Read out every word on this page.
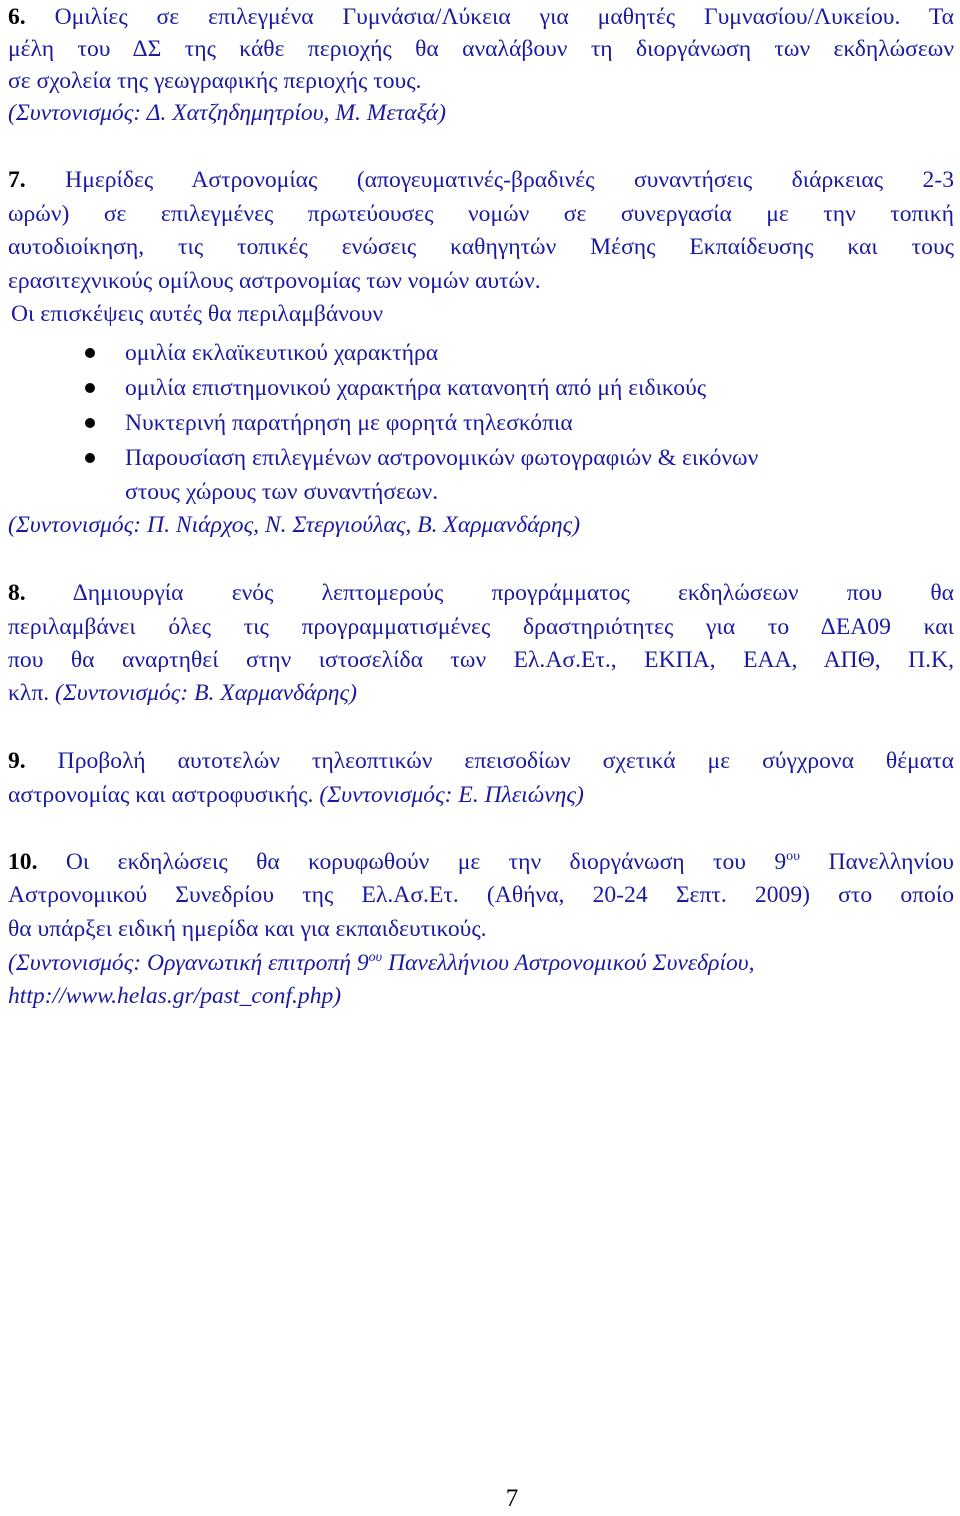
6. Ομιλίες σε επιλεγμένα Γυμνάσια/Λύκεια για μαθητές Γυμνασίου/Λυκείου. Τα
μέλη του ΔΣ της κάθε περιοχής θα αναλάβουν τη διοργάνωση των εκδηλώσεων
σε σχολεία της γεωγραφικής περιοχής τους.
(Συντονισμός: Δ. Χατζηδημητρίου, Μ. Μεταξά)
7. Ημερίδες Αστρονομίας (απογευματινές-βραδινές συναντήσεις διάρκειας 2-3
ωρών) σε επιλεγμένες πρωτεύουσες νομών σε συνεργασία με την τοπική
αυτοδιοίκηση, τις τοπικές ενώσεις καθηγητών Μέσης Εκπαίδευσης και τους
ερασιτεχνικούς ομίλους αστρονομίας των νομών αυτών.
Οι επισκέψεις αυτές θα περιλαμβάνουν
ομιλία εκλαϊκευτικού χαρακτήρα
ομιλία επιστημονικού χαρακτήρα κατανοητή από μή ειδικούς
Νυκτερινή παρατήρηση με φορητά τηλεσκόπια
Παρουσίαση επιλεγμένων αστρονομικών φωτογραφιών & εικόνων
στους χώρους των συναντήσεων.
(Συντονισμός: Π. Νιάρχος, Ν. Στεργιούλας, Β. Χαρμανδάρης)
8. Δημιουργία ενός λεπτομερούς προγράμματος εκδηλώσεων που θα
περιλαμβάνει όλες τις προγραμματισμένες δραστηριότητες για το ΔΕΑ09 και
που θα αναρτηθεί στην ιστοσελίδα των Ελ.Ασ.Ετ., ΕΚΠΑ, ΕΑΑ, ΑΠΘ, Π.Κ,
κλπ. (Συντονισμός: Β. Χαρμανδάρης)
9. Προβολή αυτοτελών τηλεοπτικών επεισοδίων σχετικά με σύγχρονα θέματα
αστρονομίας και αστροφυσικής. (Συντονισμός: Ε. Πλειώνης)
10. Οι εκδηλώσεις θα κορυφωθούν με την διοργάνωση του $9^{o\upsilon}$ Πανελληνίου
Αστρονομικού Συνεδρίου της Ελ.Ασ.Ετ. (Αθήνα, 20-24 Σεπτ. 2009) στο οποίο
θα υπάρξει ειδική ημερίδα και για εκπαιδευτικούς.
(Συντονισμός: Οργανωτική επιτροπή $9^{o\upsilon}$ Πανελλήνιου Αστρονομικού Συνεδρίου,
http://www.helas.gr/past_conf.php)
7
